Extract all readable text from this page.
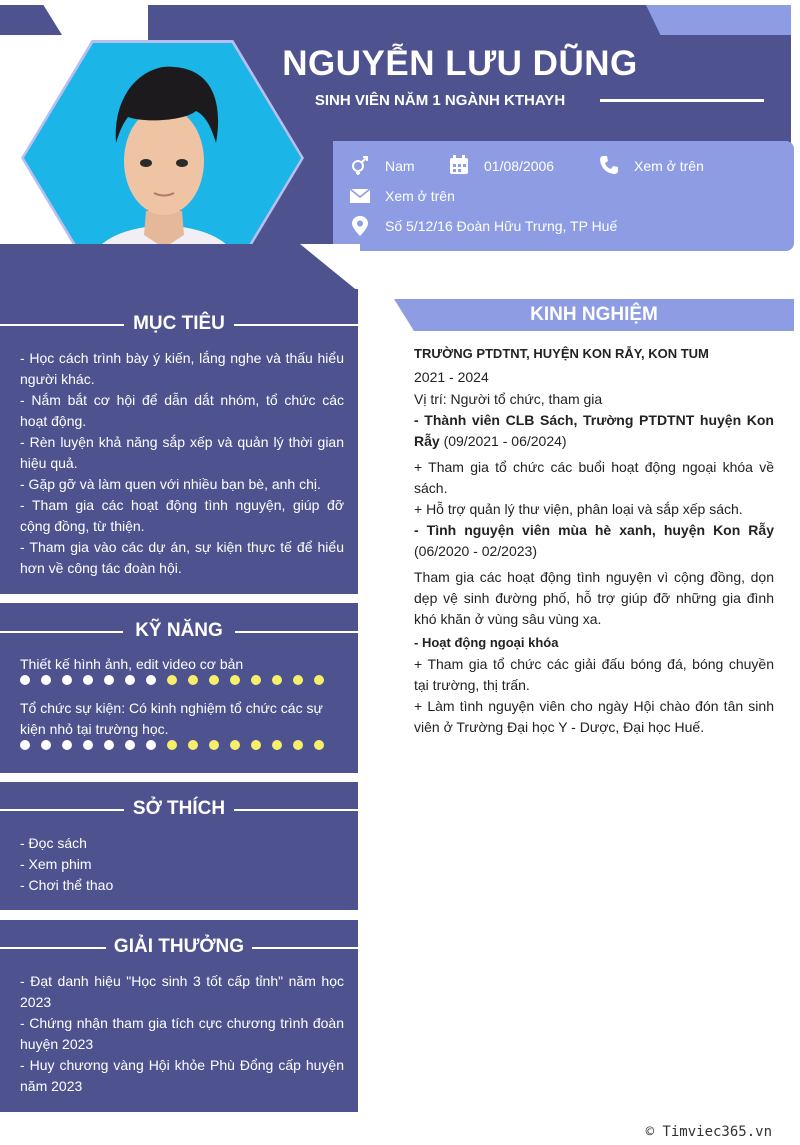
NGUYỄN LƯU DŨNG
SINH VIÊN NĂM 1 NGÀNH KTHAYH
Nam	01/08/2006	Xem ở trên
Xem ở trên
Số 5/12/16 Đoàn Hữu Trưng, TP Huế
MỤC TIÊU
- Học cách trình bày ý kiến, lắng nghe và thấu hiểu người khác.
- Nắm bắt cơ hội để dẫn dắt nhóm, tổ chức các hoạt động.
- Rèn luyện khả năng sắp xếp và quản lý thời gian hiệu quả.
- Gặp gỡ và làm quen với nhiều bạn bè, anh chị.
- Tham gia các hoạt động tình nguyện, giúp đỡ cộng đồng, từ thiện.
- Tham gia vào các dự án, sự kiện thực tế để hiểu hơn về công tác đoàn hội.
KỸ NĂNG
Thiết kế hình ảnh, edit video cơ bản
Tổ chức sự kiện: Có kinh nghiệm tổ chức các sự kiện nhỏ tại trường học.
SỞ THÍCH
- Đọc sách
- Xem phim
- Chơi thể thao
GIẢI THƯỞNG
- Đạt danh hiệu "Học sinh 3 tốt cấp tỉnh" năm học 2023
- Chứng nhận tham gia tích cực chương trình đoàn huyện 2023
- Huy chương vàng Hội khỏe Phù Đổng cấp huyện năm 2023
KINH NGHIỆM
TRƯỜNG PTDTNT, HUYỆN KON RẪY, KON TUM
2021 - 2024
Vị trí: Người tổ chức, tham gia
- Thành viên CLB Sách, Trường PTDTNT huyện Kon Rẫy (09/2021 - 06/2024)
+ Tham gia tổ chức các buổi hoạt động ngoại khóa về sách.
+ Hỗ trợ quản lý thư viện, phân loại và sắp xếp sách.
- Tình nguyện viên mùa hè xanh, huyện Kon Rẫy (06/2020 - 02/2023)
Tham gia các hoạt động tình nguyện vì cộng đồng, dọn dẹp vệ sinh đường phố, hỗ trợ giúp đỡ những gia đình khó khăn ở vùng sâu vùng xa.
- Hoạt động ngoại khóa
+ Tham gia tổ chức các giải đấu bóng đá, bóng chuyền tại trường, thị trấn.
+ Làm tình nguyện viên cho ngày Hội chào đón tân sinh viên ở Trường Đại học Y - Dược, Đại học Huế.
© Timviec365.vn
